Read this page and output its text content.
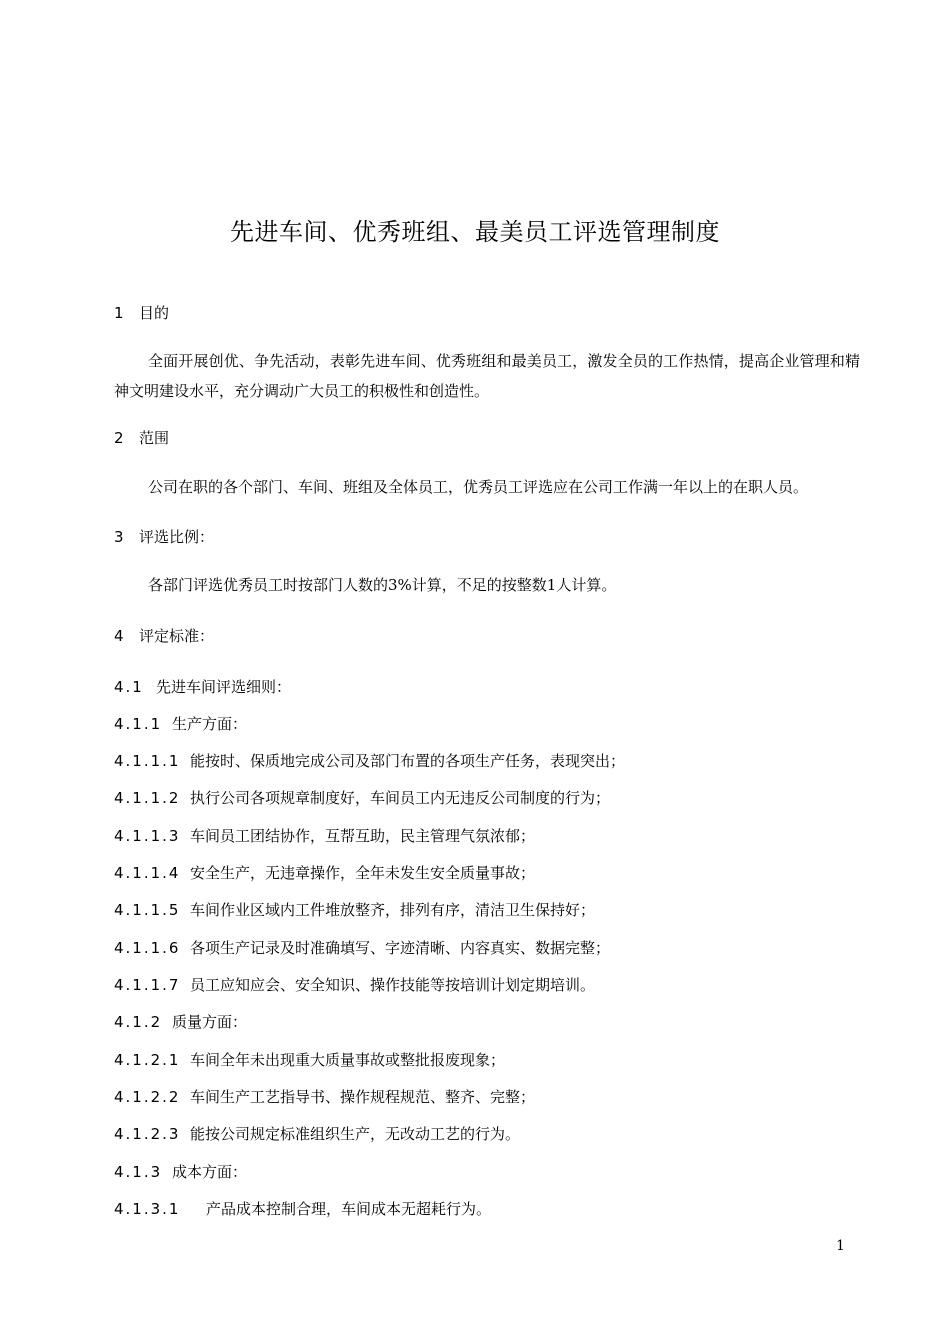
先进车间、优秀班组、最美员工评选管理制度
1 目的
全面开展创优、争先活动，表彰先进车间、优秀班组和最美员工，激发全员的工作热情，提高企业管理和精神文明建设水平，充分调动广大员工的积极性和创造性。
2 范围
公司在职的各个部门、车间、班组及全体员工，优秀员工评选应在公司工作满一年以上的在职人员。
3 评选比例：
各部门评选优秀员工时按部门人数的3%计算，不足的按整数1人计算。
4 评定标准：
4.1 先进车间评选细则：
4.1.1 生产方面：
4.1.1.1 能按时、保质地完成公司及部门布置的各项生产任务，表现突出；
4.1.1.2 执行公司各项规章制度好，车间员工内无违反公司制度的行为；
4.1.1.3 车间员工团结协作，互帮互助，民主管理气氛浓郁；
4.1.1.4 安全生产，无违章操作，全年未发生安全质量事故；
4.1.1.5 车间作业区域内工件堆放整齐，排列有序，清洁卫生保持好；
4.1.1.6 各项生产记录及时准确填写、字迹清晰、内容真实、数据完整；
4.1.1.7 员工应知应会、安全知识、操作技能等按培训计划定期培训。
4.1.2 质量方面：
4.1.2.1 车间全年未出现重大质量事故或整批报废现象；
4.1.2.2 车间生产工艺指导书、操作规程规范、整齐、完整；
4.1.2.3 能按公司规定标准组织生产，无改动工艺的行为。
4.1.3 成本方面：
4.1.3.1 产品成本控制合理，车间成本无超耗行为。
1
